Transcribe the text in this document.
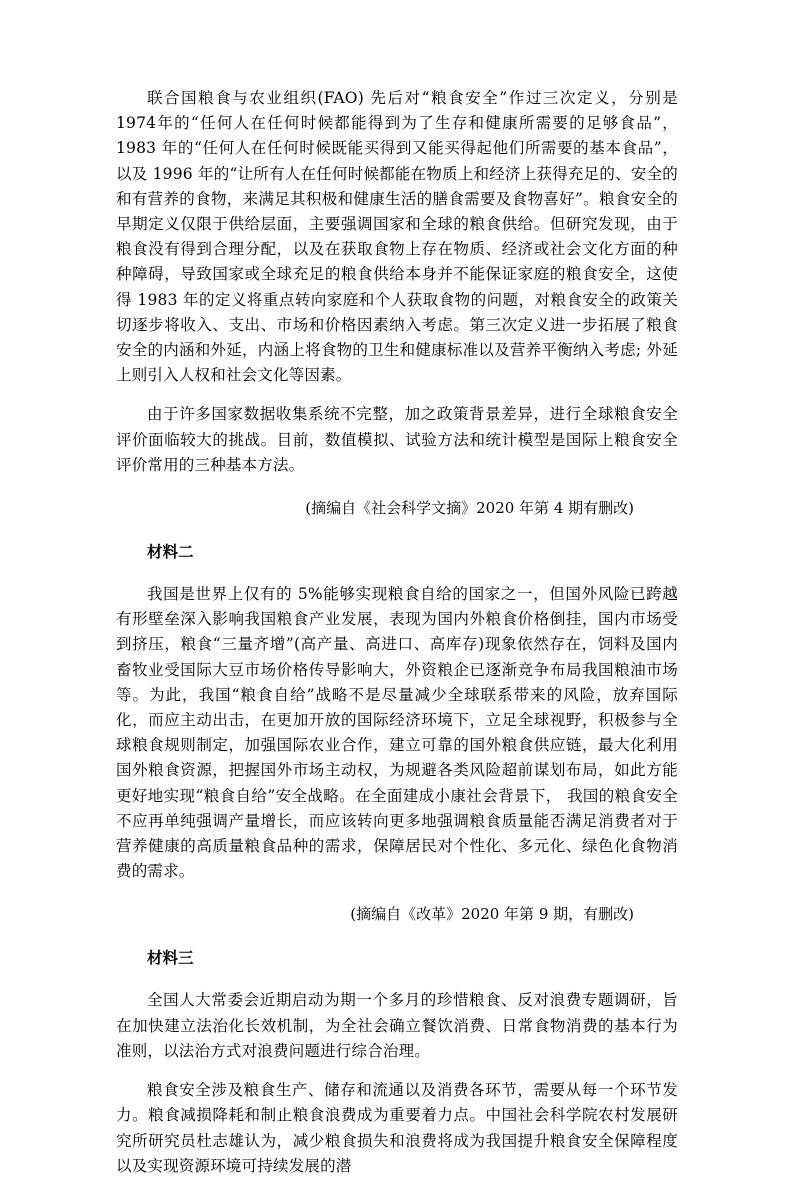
联合国粮食与农业组织(FAO) 先后对“粮食安全”作过三次定义，分别是 1974年的“任何人在任何时候都能得到为了生存和健康所需要的足够食品”，1983 年的“任何人在任何时候既能买得到又能买得起他们所需要的基本食品”，以及 1996 年的“让所有人在任何时候都能在物质上和经济上获得充足的、安全的和有营养的食物，来满足其积极和健康生活的膳食需要及食物喜好”。粮食安全的早期定义仅限于供给层面，主要强调国家和全球的粮食供给。但研究发现，由于粮食没有得到合理分配，以及在获取食物上存在物质、经济或社会文化方面的种种障碍，导致国家或全球充足的粮食供给本身并不能保证家庭的粮食安全，这使得 1983 年的定义将重点转向家庭和个人获取食物的问题，对粮食安全的政策关切逐步将收入、支出、市场和价格因素纳入考虑。第三次定义进一步拓展了粮食安全的内涵和外延，内涵上将食物的卫生和健康标准以及营养平衡纳入考虑; 外延上则引入人权和社会文化等因素。

由于许多国家数据收集系统不完整，加之政策背景差异，进行全球粮食安全评价面临较大的挑战。目前，数值模拟、试验方法和统计模型是国际上粮食安全评价常用的三种基本方法。

(摘编自《社会科学文摘》2020 年第 4 期有删改)

材料二

我国是世界上仅有的 5%能够实现粮食自给的国家之一，但国外风险已跨越有形壁垒深入影响我国粮食产业发展，表现为国内外粮食价格倒挂，国内市场受到挤压，粮食“三量齐增”(高产量、高进口、高库存)现象依然存在，饲料及国内畜牧业受国际大豆市场价格传导影响大，外资粮企已逐渐竞争布局我国粮油市场等。为此，我国“粮食自给”战略不是尽量减少全球联系带来的风险，放弃国际化，而应主动出击，在更加开放的国际经济环境下，立足全球视野，积极参与全球粮食规则制定，加强国际农业合作，建立可靠的国外粮食供应链，最大化利用国外粮食资源，把握国外市场主动权，为规避各类风险超前谋划布局，如此方能更好地实现“粮食自给”安全战略。在全面建成小康社会背景下， 我国的粮食安全不应再单纯强调产量增长，而应该转向更多地强调粮食质量能否满足消费者对于营养健康的高质量粮食品种的需求，保障居民对个性化、多元化、绿色化食物消费的需求。

(摘编自《改革》2020 年第 9 期，有删改)

材料三

全国人大常委会近期启动为期一个多月的珍惜粮食、反对浪费专题调研，旨在加快建立法治化长效机制，为全社会确立餐饮消费、日常食物消费的基本行为准则，以法治方式对浪费问题进行综合治理。

粮食安全涉及粮食生产、储存和流通以及消费各环节，需要从每一个环节发力。粮食减损降耗和制止粮食浪费成为重要着力点。中国社会科学院农村发展研究所研究员杜志雄认为，减少粮食损失和浪费将成为我国提升粮食安全保障程度以及实现资源环境可持续发展的潜
